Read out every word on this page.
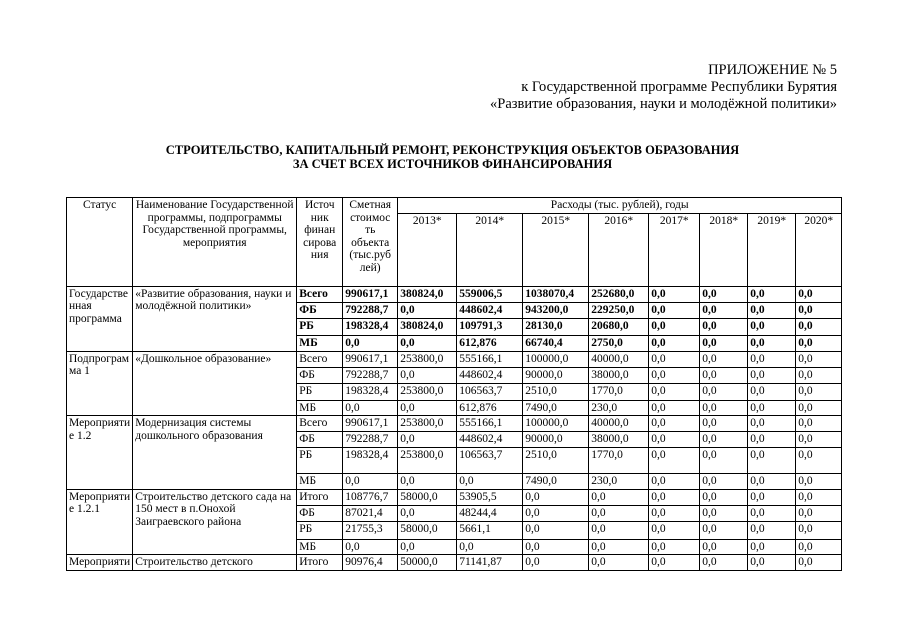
ПРИЛОЖЕНИЕ № 5
к Государственной программе Республики Бурятия
«Развитие образования, науки и молодёжной политики»
СТРОИТЕЛЬСТВО, КАПИТАЛЬНЫЙ РЕМОНТ, РЕКОНСТРУКЦИЯ ОБЪЕКТОВ ОБРАЗОВАНИЯ
ЗА СЧЕТ ВСЕХ ИСТОЧНИКОВ ФИНАНСИРОВАНИЯ
Статус	Наименование Государственной программы, подпрограммы Государственной программы, мероприятия	Источ ник финан сирова ния	Сметная стоимос ть объекта (тыс.руб лей)	Расходы (тыс. рублей), годы							
				2013*	2014*	2015*	2016*	2017*	2018*	2019*	2020*
Государстве нная программа	«Развитие образования, науки и молодёжной политики»	Всего	990617,1	380824,0	559006,5	1038070,4	252680,0	0,0	0,0	0,0	0,0
		ФБ	792288,7	0,0	448602,4	943200,0	229250,0	0,0	0,0	0,0	0,0
		РБ	198328,4	380824,0	109791,3	28130,0	20680,0	0,0	0,0	0,0	0,0
		МБ	0,0	0,0	612,876	66740,4	2750,0	0,0	0,0	0,0	0,0
Подпрограм ма 1	«Дошкольное образование»	Всего	990617,1	253800,0	555166,1	100000,0	40000,0	0,0	0,0	0,0	0,0
		ФБ	792288,7	0,0	448602,4	90000,0	38000,0	0,0	0,0	0,0	0,0
		РБ	198328,4	253800,0	106563,7	2510,0	1770,0	0,0	0,0	0,0	0,0
		МБ	0,0	0,0	612,876	7490,0	230,0	0,0	0,0	0,0	0,0
Мероприяти е 1.2	Модернизация системы дошкольного образования	Всего	990617,1	253800,0	555166,1	100000,0	40000,0	0,0	0,0	0,0	0,0
		ФБ	792288,7	0,0	448602,4	90000,0	38000,0	0,0	0,0	0,0	0,0
		РБ	198328,4	253800,0	106563,7	2510,0	1770,0	0,0	0,0	0,0	0,0
		МБ	0,0	0,0	0,0	7490,0	230,0	0,0	0,0	0,0	0,0
Мероприяти е 1.2.1	Строительство детского сада на 150 мест в п.Онохой Заиграевского района	Итого	108776,7	58000,0	53905,5	0,0	0,0	0,0	0,0	0,0	0,0
		ФБ	87021,4	0,0	48244,4	0,0	0,0	0,0	0,0	0,0	0,0
		РБ	21755,3	58000,0	5661,1	0,0	0,0	0,0	0,0	0,0	0,0
		МБ	0,0	0,0	0,0	0,0	0,0	0,0	0,0	0,0	0,0
Мероприяти	Строительство детского	Итого	90976,4	50000,0	71141,87	0,0	0,0	0,0	0,0	0,0	0,0
